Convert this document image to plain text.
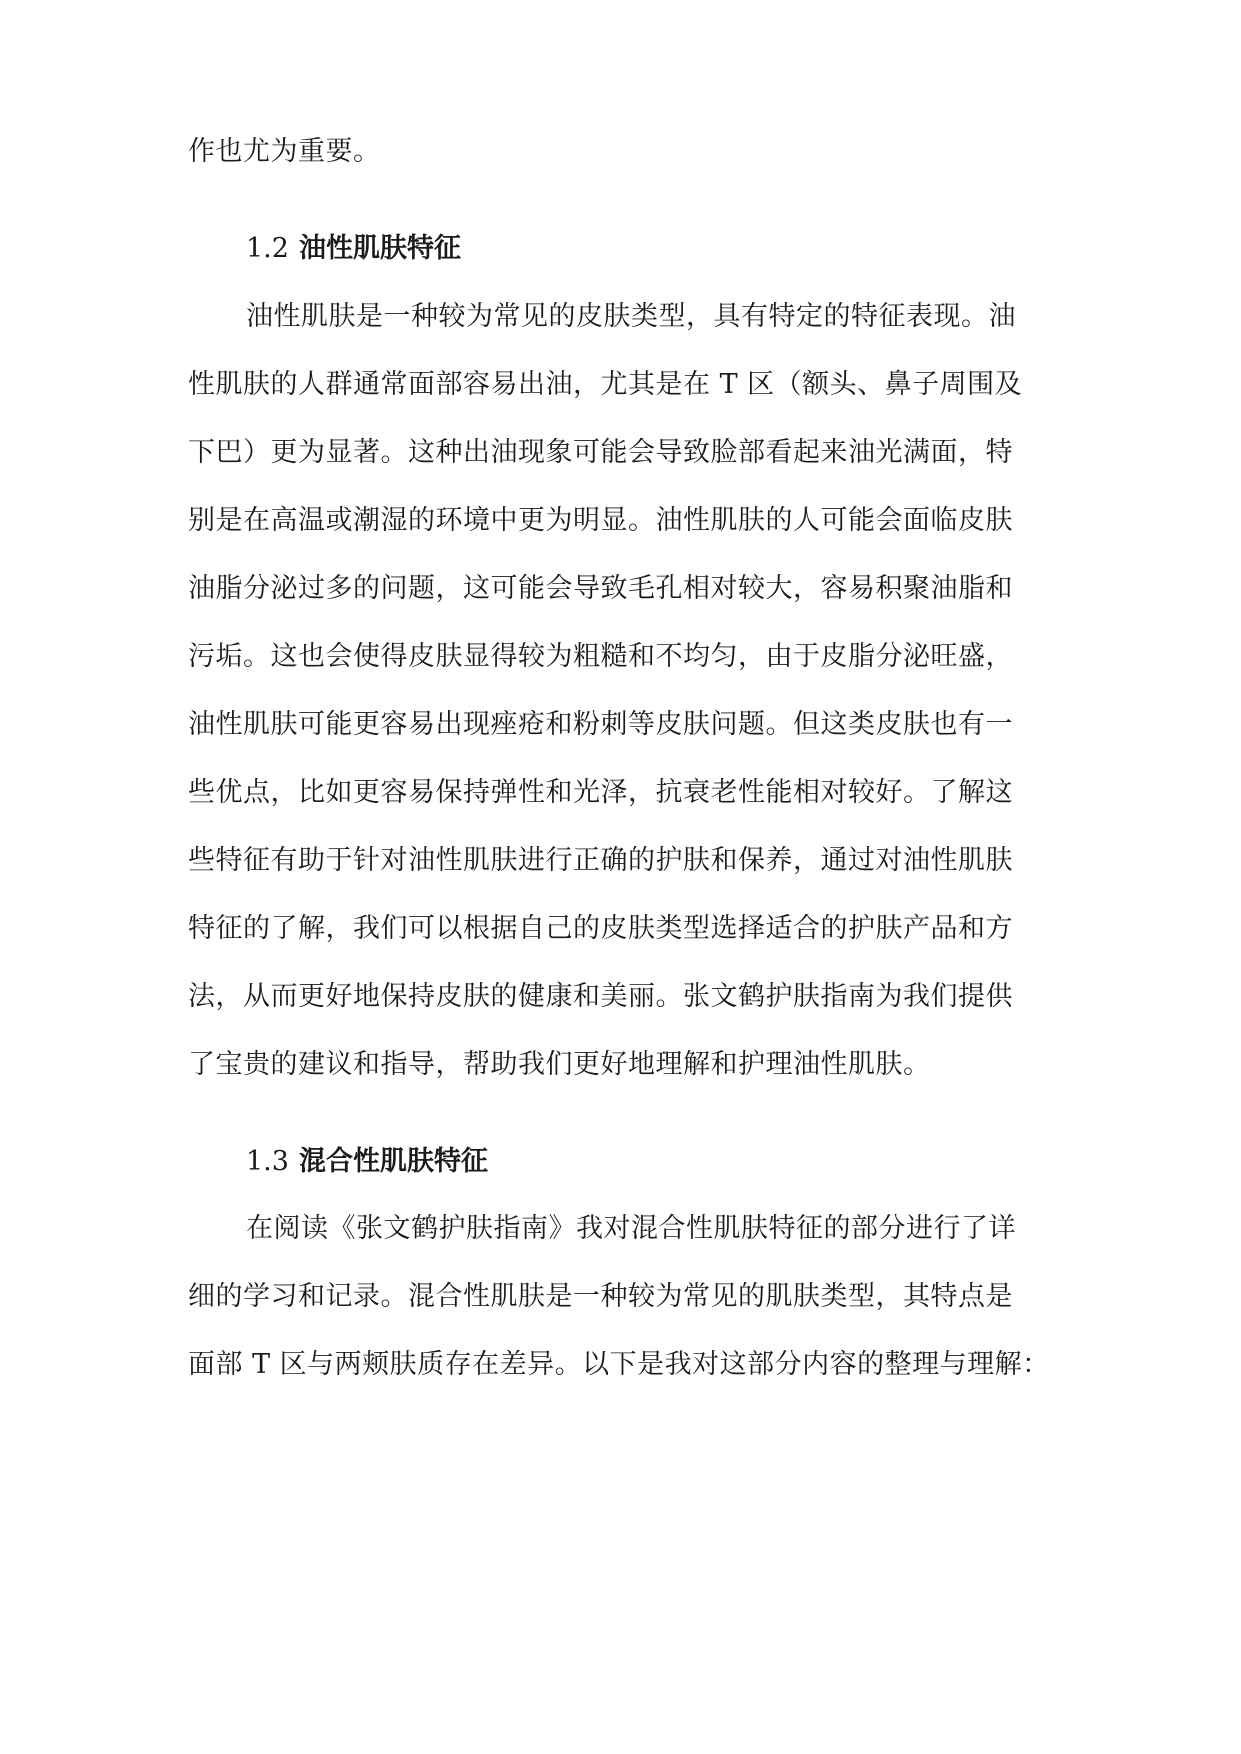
作也尤为重要。
1.2 油性肌肤特征
油性肌肤是一种较为常见的皮肤类型，具有特定的特征表现。油
性肌肤的人群通常面部容易出油，尤其是在 T 区（额头、鼻子周围及
下巴）更为显著。这种出油现象可能会导致脸部看起来油光满面，特
别是在高温或潮湿的环境中更为明显。油性肌肤的人可能会面临皮肤
油脂分泌过多的问题，这可能会导致毛孔相对较大，容易积聚油脂和
污垢。这也会使得皮肤显得较为粗糙和不均匀，由于皮脂分泌旺盛，
油性肌肤可能更容易出现痤疮和粉刺等皮肤问题。但这类皮肤也有一
些优点，比如更容易保持弹性和光泽，抗衰老性能相对较好。了解这
些特征有助于针对油性肌肤进行正确的护肤和保养，通过对油性肌肤
特征的了解，我们可以根据自己的皮肤类型选择适合的护肤产品和方
法，从而更好地保持皮肤的健康和美丽。张文鹤护肤指南为我们提供
了宝贵的建议和指导，帮助我们更好地理解和护理油性肌肤。
1.3 混合性肌肤特征
在阅读《张文鹤护肤指南》我对混合性肌肤特征的部分进行了详
细的学习和记录。混合性肌肤是一种较为常见的肌肤类型，其特点是
面部 T 区与两颊肤质存在差异。以下是我对这部分内容的整理与理解：
